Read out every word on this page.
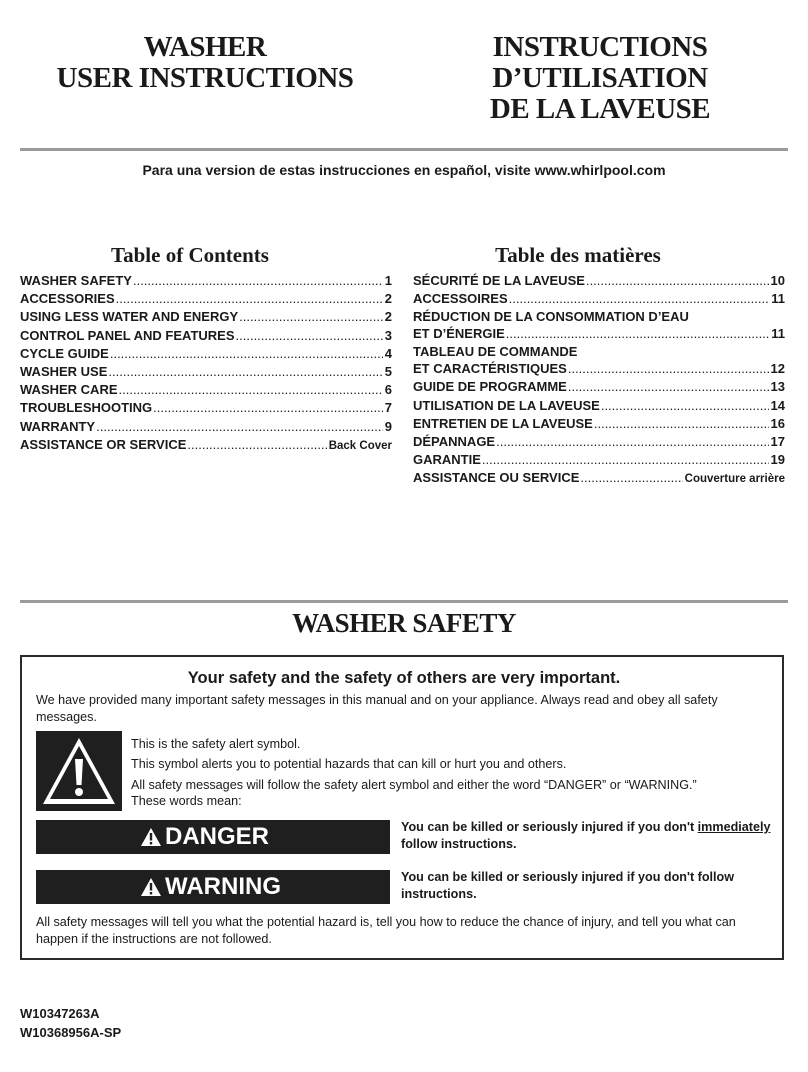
WASHER
USER INSTRUCTIONS
INSTRUCTIONS
D’UTILISATION
DE LA LAVEUSE
Para una version de estas instrucciones en español, visite www.whirlpool.com
Table of Contents	Table des matières
WASHER SAFETY .....	1
ACCESSORIES .....	2
USING LESS WATER AND ENERGY .....	2
CONTROL PANEL AND FEATURES .....	3
CYCLE GUIDE .....	4
WASHER USE .....	5
WASHER CARE .....	6
TROUBLESHOOTING .....	7
WARRANTY .....	9
ASSISTANCE OR SERVICE .....	Back Cover
SÉCURITÉ DE LA LAVEUSE .....	10
ACCESSOIRES .....	11
RÉDUCTION DE LA CONSOMMATION D’EAU
ET D’ÉNERGIE .....	11
TABLEAU DE COMMANDE
ET CARACTÉRISTIQUES .....	12
GUIDE DE PROGRAMME .....	13
UTILISATION DE LA LAVEUSE .....	14
ENTRETIEN DE LA LAVEUSE .....	16
DÉPANNAGE .....	17
GARANTIE .....	19
ASSISTANCE OU SERVICE .....	Couverture arrière
WASHER SAFETY
Your safety and the safety of others are very important.
We have provided many important safety messages in this manual and on your appliance. Always read and obey all safety messages.
This is the safety alert symbol.
This symbol alerts you to potential hazards that can kill or hurt you and others.
All safety messages will follow the safety alert symbol and either the word “DANGER” or “WARNING.”
These words mean:
DANGER	You can be killed or seriously injured if you don't immediately follow instructions.
WARNING	You can be killed or seriously injured if you don't follow instructions.
All safety messages will tell you what the potential hazard is, tell you how to reduce the chance of injury, and tell you what can happen if the instructions are not followed.
W10347263A
W10368956A-SP
